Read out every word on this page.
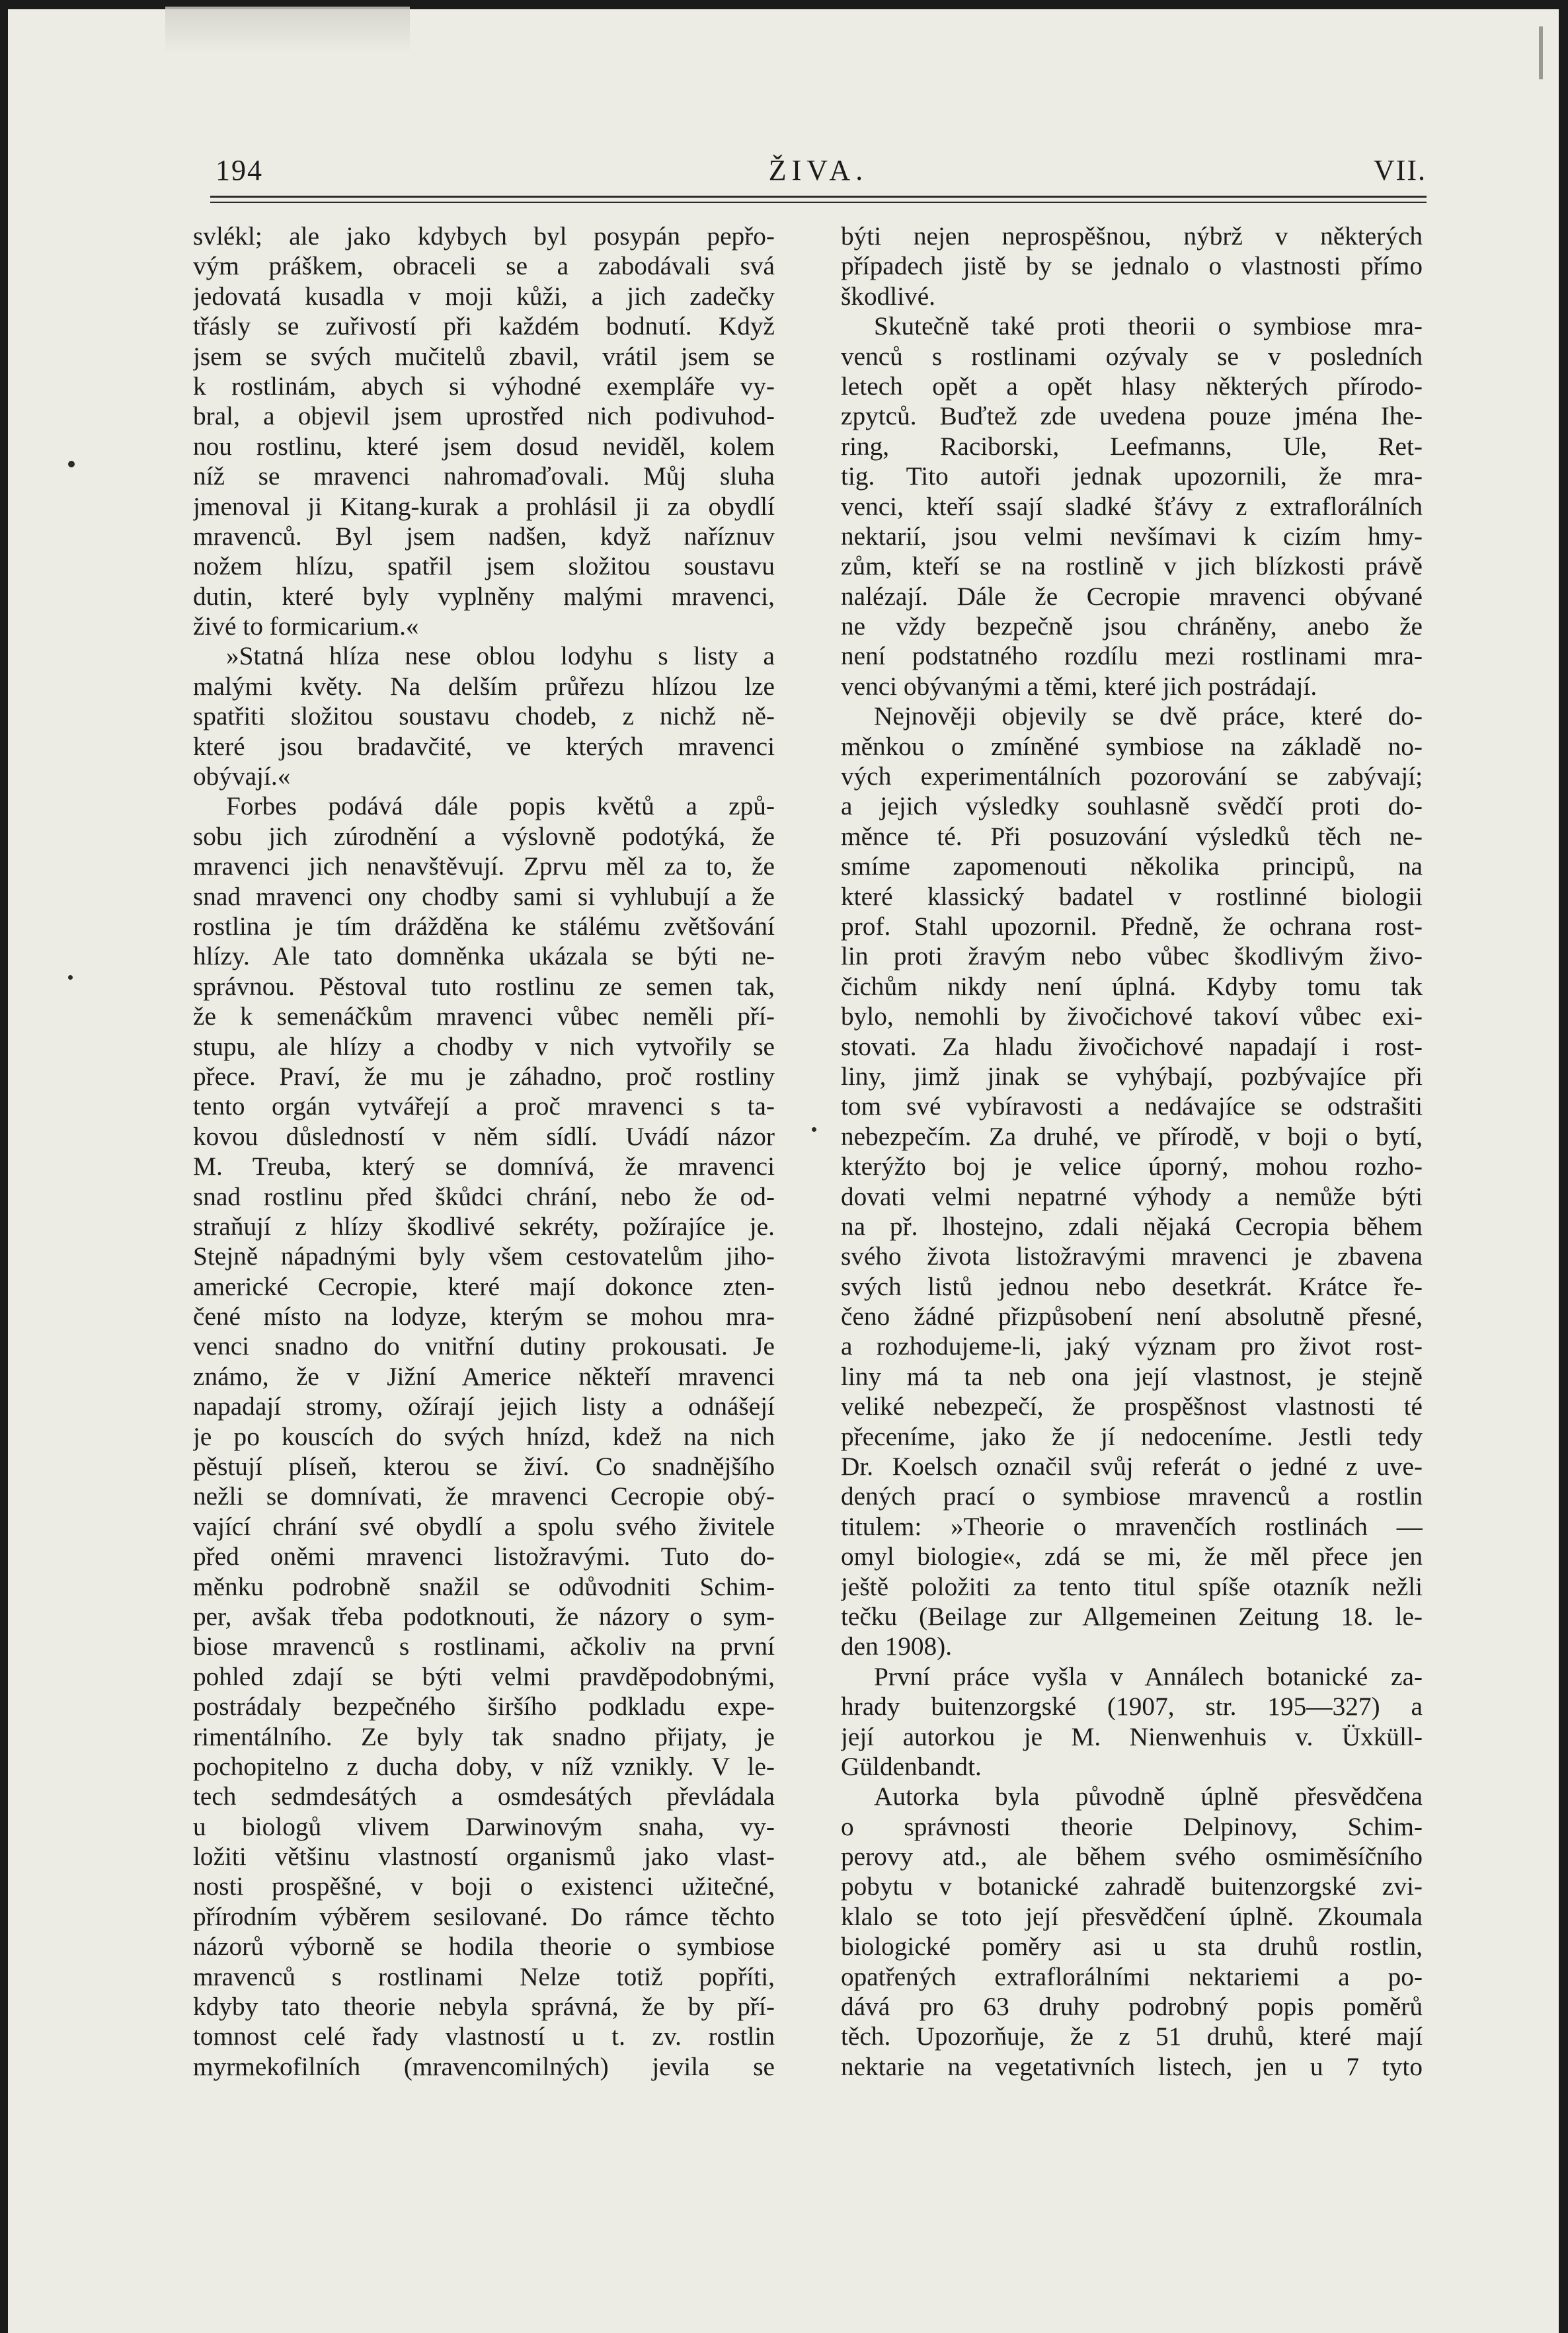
194	ŽIVA.	VII.
svlékl; ale jako kdybych byl posypán pepřo-
vým práškem, obraceli se a zabodávali svá
jedovatá kusadla v moji kůži, a jich zadečky
třásly se zuřivostí při každém bodnutí. Když
jsem se svých mučitelů zbavil, vrátil jsem se
k rostlinám, abych si výhodné exempláře vy-
bral, a objevil jsem uprostřed nich podivuhod-
nou rostlinu, které jsem dosud neviděl, kolem
níž se mravenci nahromaďovali. Můj sluha
jmenoval ji Kitang-kurak a prohlásil ji za obydlí
mravenců. Byl jsem nadšen, když naříznuv
nožem hlízu, spatřil jsem složitou soustavu
dutin, které byly vyplněny malými mravenci,
živé to formicarium.«
»Statná hlíza nese oblou lodyhu s listy a
malými květy. Na delším průřezu hlízou lze
spatřiti složitou soustavu chodeb, z nichž ně-
které jsou bradavčité, ve kterých mravenci
obývají.«
Forbes podává dále popis květů a způ-
sobu jich zúrodnění a výslovně podotýká, že
mravenci jich nenavštěvují. Zprvu měl za to, že
snad mravenci ony chodby sami si vyhlubují a že
rostlina je tím drážděna ke stálému zvětšování
hlízy. Ale tato domněnka ukázala se býti ne-
správnou. Pěstoval tuto rostlinu ze semen tak,
že k semenáčkům mravenci vůbec neměli pří-
stupu, ale hlízy a chodby v nich vytvořily se
přece. Praví, že mu je záhadno, proč rostliny
tento orgán vytvářejí a proč mravenci s ta-
kovou důsledností v něm sídlí. Uvádí názor
M. Treuba, který se domnívá, že mravenci
snad rostlinu před škůdci chrání, nebo že od-
straňují z hlízy škodlivé sekréty, požírajíce je.
Stejně nápadnými byly všem cestovatelům jiho-
americké Cecropie, které mají dokonce zten-
čené místo na lodyze, kterým se mohou mra-
venci snadno do vnitřní dutiny prokousati. Je
známo, že v Jižní Americe někteří mravenci
napadají stromy, ožírají jejich listy a odnášejí
je po kouscích do svých hnízd, kdež na nich
pěstují plíseň, kterou se živí. Co snadnějšího
nežli se domnívati, že mravenci Cecropie obý-
vající chrání své obydlí a spolu svého živitele
před oněmi mravenci listožravými. Tuto do-
měnku podrobně snažil se odůvodniti Schim-
per, avšak třeba podotknouti, že názory o sym-
biose mravenců s rostlinami, ačkoliv na první
pohled zdají se býti velmi pravděpodobnými,
postrádaly bezpečného širšího podkladu expe-
rimentálního. Ze byly tak snadno přijaty, je
pochopitelno z ducha doby, v níž vznikly. V le-
tech sedmdesátých a osmdesátých převládala
u biologů vlivem Darwinovým snaha, vy-
ložiti většinu vlastností organismů jako vlast-
nosti prospěšné, v boji o existenci užitečné,
přírodním výběrem sesilované. Do rámce těchto
názorů výborně se hodila theorie o symbiose
mravenců s rostlinami Nelze totiž popříti,
kdyby tato theorie nebyla správná, že by pří-
tomnost celé řady vlastností u t. zv. rostlin
myrmekofilních (mravencomilných) jevila se
býti nejen neprospěšnou, nýbrž v některých
případech jistě by se jednalo o vlastnosti přímo
škodlivé.
Skutečně také proti theorii o symbiose mra-
venců s rostlinami ozývaly se v posledních
letech opět a opět hlasy některých přírodo-
zpytců. Buďtež zde uvedena pouze jména Ihe-
ring, Raciborski, Leefmanns, Ule, Ret-
tig. Tito autoři jednak upozornili, že mra-
venci, kteří ssají sladké šťávy z extraflorálních
nektarií, jsou velmi nevšímavi k cizím hmy-
zům, kteří se na rostlině v jich blízkosti právě
nalézají. Dále že Cecropie mravenci obývané
ne vždy bezpečně jsou chráněny, anebo že
není podstatného rozdílu mezi rostlinami mra-
venci obývanými a těmi, které jich postrádají.
Nejnověji objevily se dvě práce, které do-
měnkou o zmíněné symbiose na základě no-
vých experimentálních pozorování se zabývají;
a jejich výsledky souhlasně svědčí proti do-
měnce té. Při posuzování výsledků těch ne-
smíme zapomenouti několika principů, na
které klassický badatel v rostlinné biologii
prof. Stahl upozornil. Předně, že ochrana rost-
lin proti žravým nebo vůbec škodlivým živo-
čichům nikdy není úplná. Kdyby tomu tak
bylo, nemohli by živočichové takoví vůbec exi-
stovati. Za hladu živočichové napadají i rost-
liny, jimž jinak se vyhýbají, pozbývajíce při
tom své vybíravosti a nedávajíce se odstrašiti
nebezpečím. Za druhé, ve přírodě, v boji o bytí,
kterýžto boj je velice úporný, mohou rozho-
dovati velmi nepatrné výhody a nemůže býti
na př. lhostejno, zdali nějaká Cecropia během
svého života listožravými mravenci je zbavena
svých listů jednou nebo desetkrát. Krátce ře-
čeno žádné přizpůsobení není absolutně přesné,
a rozhodujeme-li, jaký význam pro život rost-
liny má ta neb ona její vlastnost, je stejně
veliké nebezpečí, že prospěšnost vlastnosti té
přeceníme, jako že jí nedoceníme. Jestli tedy
Dr. Koelsch označil svůj referát o jedné z uve-
dených prací o symbiose mravenců a rostlin
titulem: »Theorie o mravenčích rostlinách —
omyl biologie«, zdá se mi, že měl přece jen
ještě položiti za tento titul spíše otazník nežli
tečku (Beilage zur Allgemeinen Zeitung 18. le-
den 1908).
První práce vyšla v Annálech botanické za-
hrady buitenzorgské (1907, str. 195—327) a
její autorkou je M. Nienwenhuis v. Üxküll-
Güldenbandt.
Autorka byla původně úplně přesvědčena
o správnosti theorie Delpinovy, Schim-
perovy atd., ale během svého osmiměsíčního
pobytu v botanické zahradě buitenzorgské zvi-
klalo se toto její přesvědčení úplně. Zkoumala
biologické poměry asi u sta druhů rostlin,
opatřených extraflorálními nektariemi a po-
dává pro 63 druhy podrobný popis poměrů
těch. Upozorňuje, že z 51 druhů, které mají
nektarie na vegetativních listech, jen u 7 tyto
